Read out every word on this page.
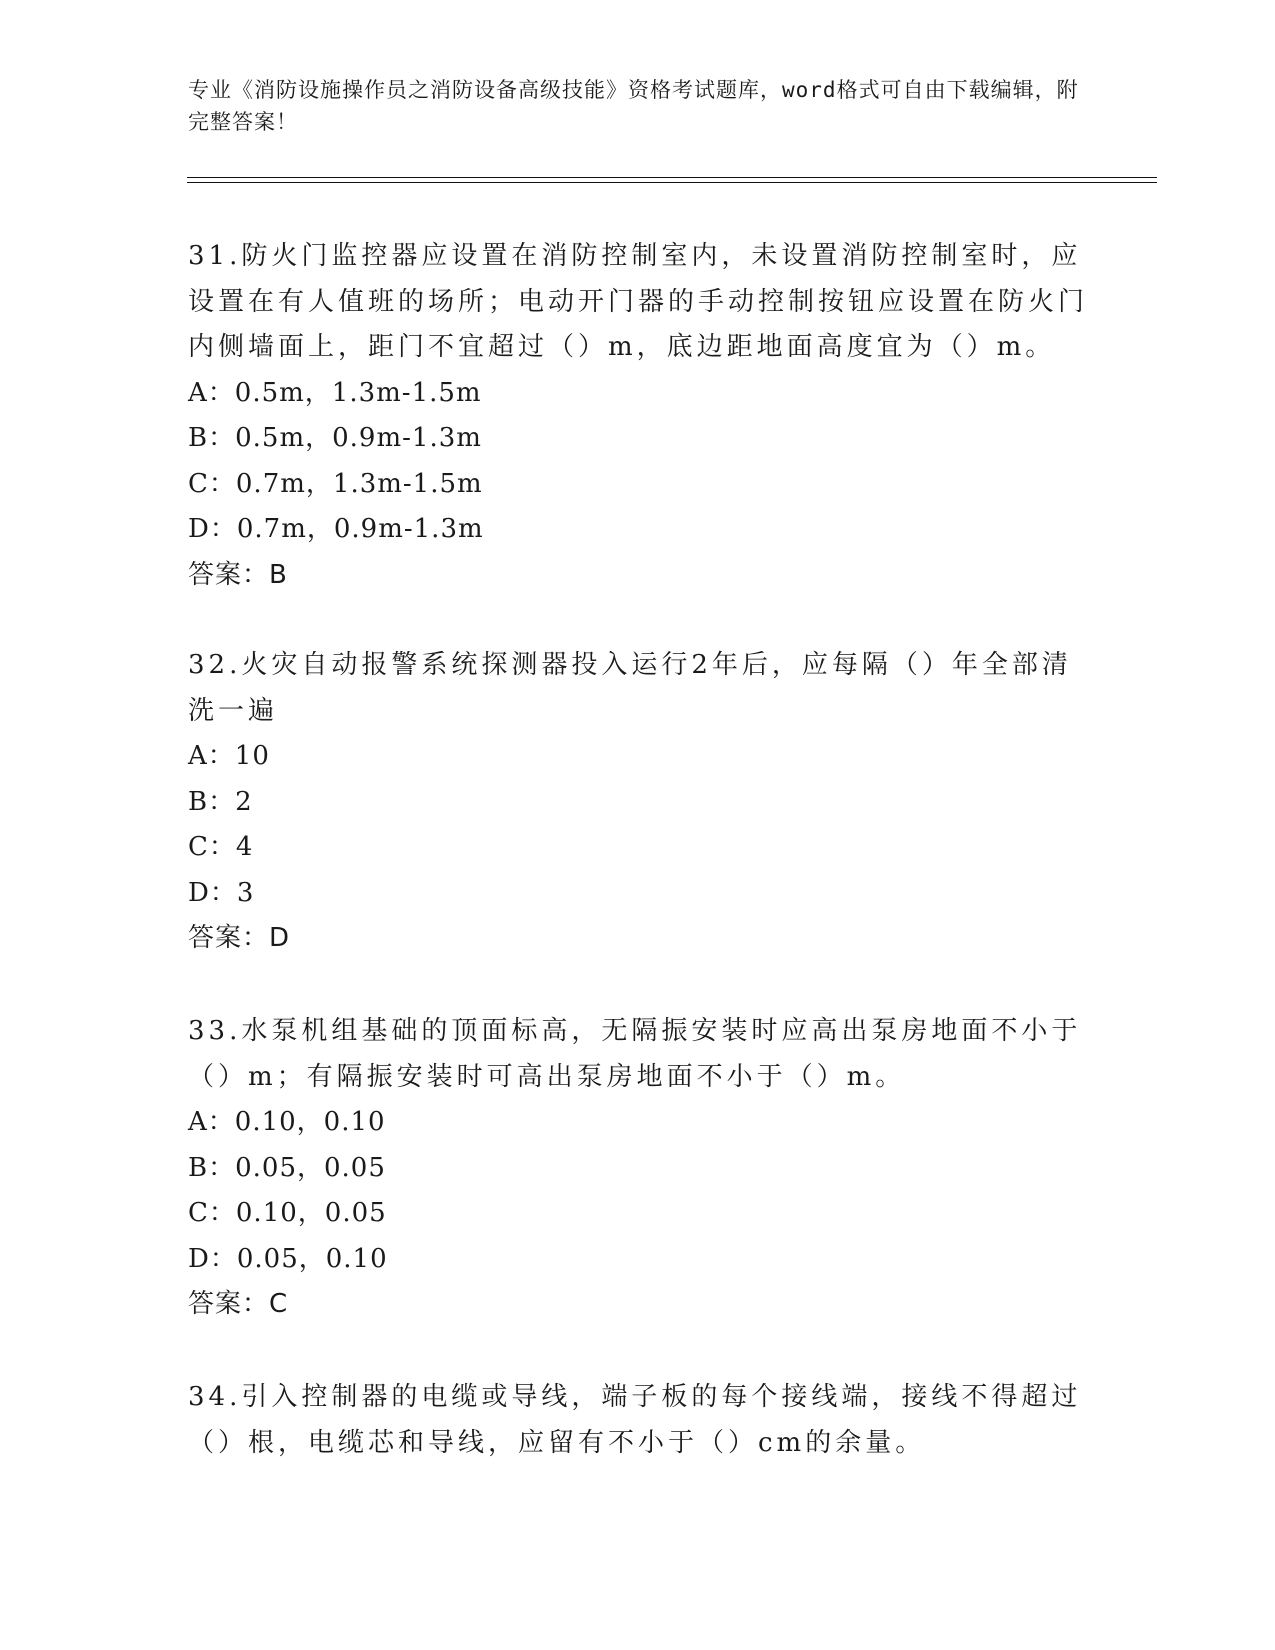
专业《消防设施操作员之消防设备高级技能》资格考试题库，word格式可自由下载编辑，附完整答案！

31.防火门监控器应设置在消防控制室内，未设置消防控制室时，应设置在有人值班的场所；电动开门器的手动控制按钮应设置在防火门内侧墙面上，距门不宜超过（）m，底边距地面高度宜为（）m。

A：0.5m，1.3m-1.5m

B：0.5m，0.9m-1.3m

C：0.7m，1.3m-1.5m

D：0.7m，0.9m-1.3m

答案：B

32.火灾自动报警系统探测器投入运行2年后，应每隔（）年全部清洗一遍

A：10

B：2

C：4

D：3

答案：D

33.水泵机组基础的顶面标高，无隔振安装时应高出泵房地面不小于（）m；有隔振安装时可高出泵房地面不小于（）m。

A：0.10，0.10

B：0.05，0.05

C：0.10，0.05

D：0.05，0.10

答案：C

34.引入控制器的电缆或导线，端子板的每个接线端，接线不得超过（）根，电缆芯和导线，应留有不小于（）cm的余量。
